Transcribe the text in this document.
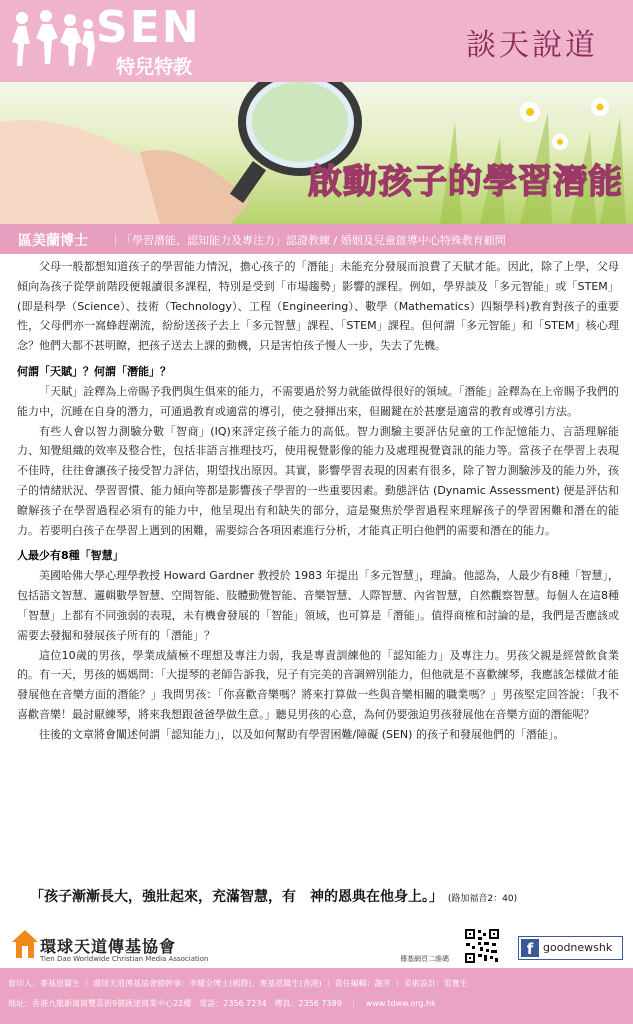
SEN
特兒特教
談天說道
啟動孩子的學習潛能
區美蘭博士 ｜「學習潛能、認知能力及專注力」認證教練 / 婚姻及兒童啟導中心特殊教育顧問

父母一般都想知道孩子的學習能力情況，擔心孩子的「潛能」未能充分發展而浪費了天賦才能。因此，除了上學，父母傾向為孩子從學前階段便報讀很多課程，特別是受到「市場趨勢」影響的課程。例如，學界談及「多元智能」或「STEM」(即是科學（Science）、技術（Technology）、工程（Engineering）、數學（Mathematics）四類學科)教育對孩子的重要性，父母們亦一窩蜂趕潮流，紛紛送孩子去上「多元智慧」課程、「STEM」課程。但何謂「多元智能」和「STEM」核心理念？他們大都不甚明瞭，把孩子送去上課的動機，只是害怕孩子慢人一步，失去了先機。

何謂「天賦」？何謂「潛能」？

「天賦」詮釋為上帝賜予我們與生俱來的能力，不需要過於努力就能做得很好的領域。「潛能」詮釋為在上帝賜予我們的能力中，沉睡在自身的潛力，可通過教育或適當的導引，使之發揮出來，但關鍵在於甚麼是適當的教育或導引方法。

有些人會以智力測驗分數「智商」(IQ)來評定孩子能力的高低。智力測驗主要評估兒童的工作記憶能力、言語理解能力、知覺組織的效率及整合性，包括非語言推理技巧，使用視覺影像的能力及處理視覺資訊的能力等。當孩子在學習上表現不佳時，往往會讓孩子接受智力評估，期望找出原因。其實，影響學習表現的因素有很多，除了智力測驗涉及的能力外，孩子的情緒狀況、學習習慣、能力傾向等都是影響孩子學習的一些重要因素。動態評估 (Dynamic Assessment) 便是評估和瞭解孩子在學習過程必須有的能力中，他呈現出有和缺失的部分，這是聚焦於學習過程來理解孩子的學習困難和潛在的能力。若要明白孩子在學習上遇到的困難，需要綜合各項因素進行分析，才能真正明白他們的需要和潛在的能力。

人最少有8種「智慧」

美國哈佛大學心理學教授 Howard Gardner 教授於 1983 年提出「多元智慧」，理論。他認為，人最少有8種「智慧」，包括語文智慧、邏輯數學智慧、空間智能、肢體動覺智能、音樂智慧、人際智慧、內省智慧，自然觀察智慧。每個人在這8種「智慧」上都有不同強弱的表現，未有機會發展的「智能」領域，也可算是「潛能」。值得商榷和討論的是，我們是否應該或需要去發掘和發展孩子所有的「潛能」？

這位10歲的男孩，學業成績極不理想及專注力弱，我是專責訓練他的「認知能力」及專注力。男孩父親是經營飲食業的。有一天，男孩的媽媽問：「大提琴的老師告訴我，兒子有完美的音調辨別能力，但他就是不喜歡練琴，我應該怎樣做才能發展他在音樂方面的潛能？」我問男孩：「你喜歡音樂嗎？將來打算做一些與音樂相關的職業嗎？」男孩堅定回答說：「我不喜歡音樂！最討厭練琴，將來我想跟爸爸學做生意。」聽見男孩的心意，為何仍要強迫男孩發展他在音樂方面的潛能呢？

往後的文章將會闡述何謂「認知能力」，以及如何幫助有學習困難/障礙 (SEN) 的孩子和發展他們的「潛能」。

「孩子漸漸長大，強壯起來，充滿智慧，有　神的恩典在他身上。」 (路加福音2：40)
環球天道傳基協會
Tien Dao Worldwide Christian Media Association	傳基網頁二維碼
f goodnewshk
督印人：麥基恩醫生 ｜ 環球天道傳基協會總幹事：李耀全博士(國際)、麥基恩醫生(香港) ｜ 責任編輯：謝芳 ｜ 美術設計：雷寶生
地址：香港九龍新蒲崗雙喜街9號匯達商業中心22樓　電話：2356 7234　傳真：2356 7389　｜　www.tdww.org.hk
